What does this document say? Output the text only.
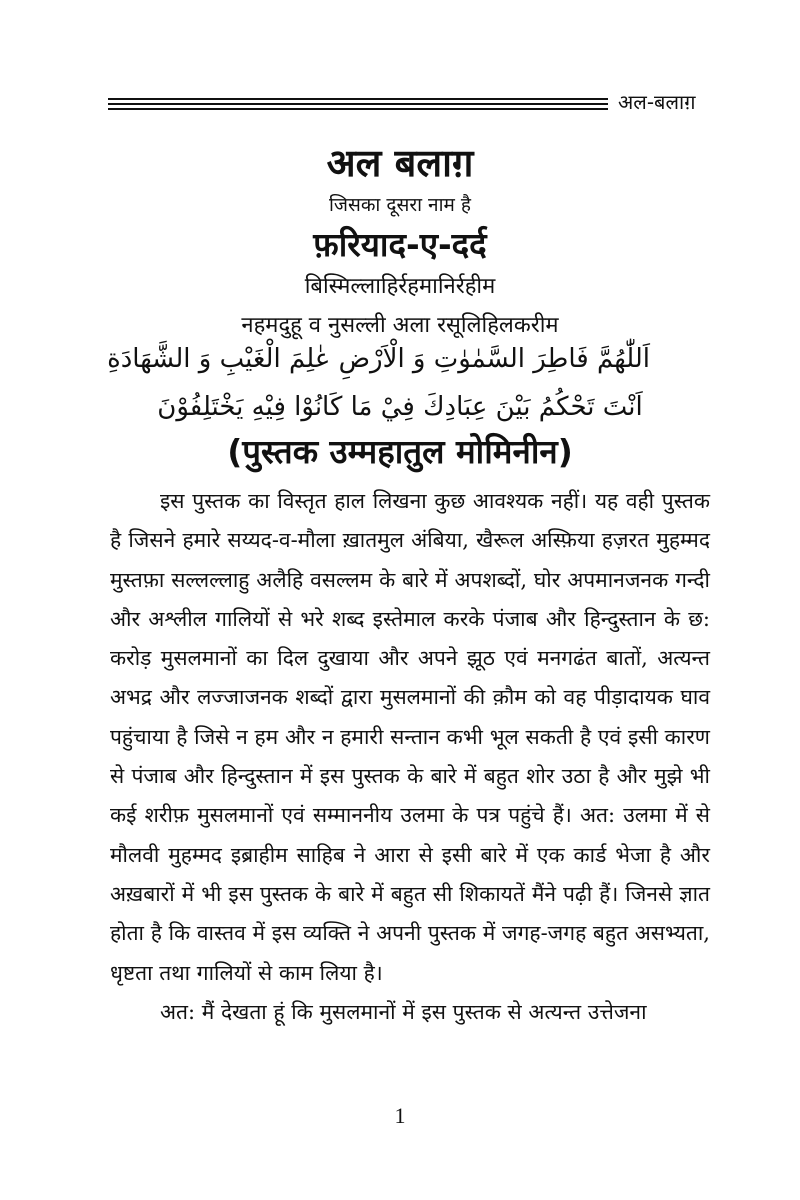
अल-बलाग़
अल बलाग़
जिसका दूसरा नाम है
फ़रियाद-ए-दर्द
बिस्मिल्लाहिर्रहमानिर्रहीम
नहमदुहू व नुसल्ली अला रसूलिहिलकरीम
اَللّٰهُمَّ فَاطِرَ السَّمٰوٰتِ وَ الْاَرْضِ عٰلِمَ الْغَيْبِ وَ الشَّهَادَةِ
اَنْتَ تَحْكُمُ بَيْنَ عِبَادِكَ فِيْ مَا كَانُوْا فِيْهِ يَخْتَلِفُوْنَ
(पुस्तक उम्महातुल मोमिनीन)

इस पुस्तक का विस्तृत हाल लिखना कुछ आवश्यक नहीं। यह वही पुस्तक है जिसने हमारे सय्यद-व-मौला ख़ातमुल अंबिया, खैरूल अस्फ़िया हज़रत मुहम्मद मुस्तफ़ा सल्लल्लाहु अलैहि वसल्लम के बारे में अपशब्दों, घोर अपमानजनक गन्दी और अश्लील गालियों से भरे शब्द इस्तेमाल करके पंजाब और हिन्दुस्तान के छ: करोड़ मुसलमानों का दिल दुखाया और अपने झूठ एवं मनगढंत बातों, अत्यन्त अभद्र और लज्जाजनक शब्दों द्वारा मुसलमानों की क़ौम को वह पीड़ादायक घाव पहुंचाया है जिसे न हम और न हमारी सन्तान कभी भूल सकती है एवं इसी कारण से पंजाब और हिन्दुस्तान में इस पुस्तक के बारे में बहुत शोर उठा है और मुझे भी कई शरीफ़ मुसलमानों एवं सम्माननीय उलमा के पत्र पहुंचे हैं। अत: उलमा में से मौलवी मुहम्मद इब्राहीम साहिब ने आरा से इसी बारे में एक कार्ड भेजा है और अख़बारों में भी इस पुस्तक के बारे में बहुत सी शिकायतें मैंने पढ़ी हैं। जिनसे ज्ञात होता है कि वास्तव में इस व्यक्ति ने अपनी पुस्तक में जगह-जगह बहुत असभ्यता, धृष्टता तथा गालियों से काम लिया है।

अत: मैं देखता हूं कि मुसलमानों में इस पुस्तक से अत्यन्त उत्तेजना

1
